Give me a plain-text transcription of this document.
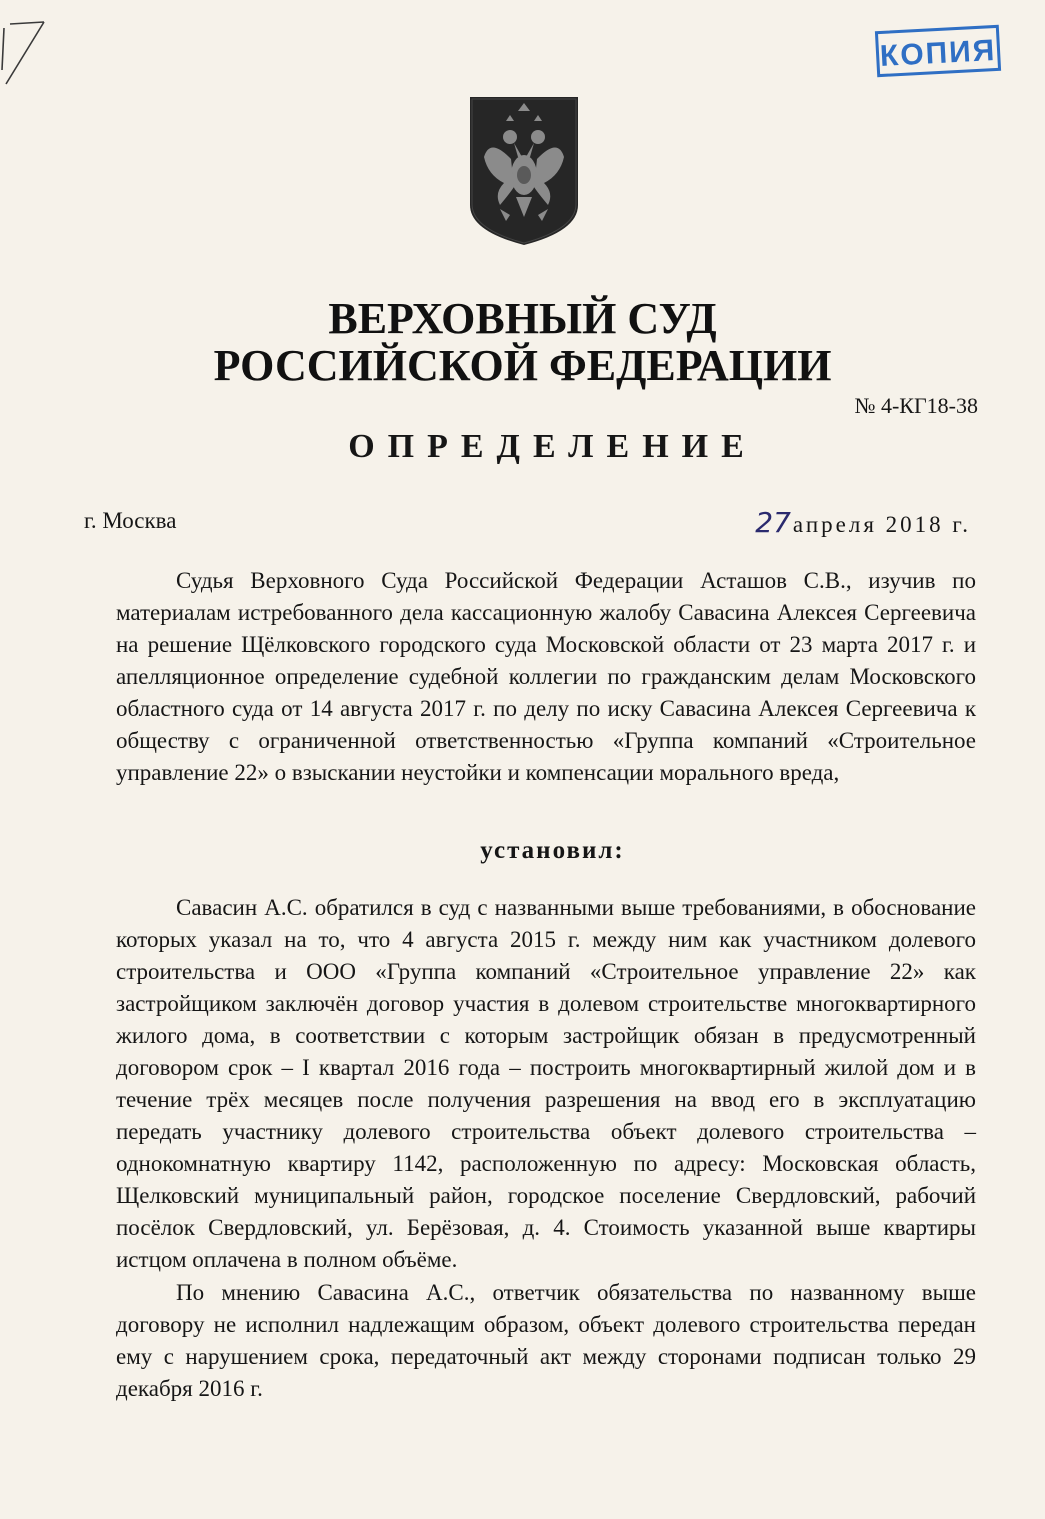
КОПИЯ
ВЕРХОВНЫЙ СУД
РОССИЙСКОЙ ФЕДЕРАЦИИ
№ 4-КГ18-38
ОПРЕДЕЛЕНИЕ
г. Москва	27апреля 2018 г.

Судья Верховного Суда Российской Федерации Асташов С.В., изучив по материалам истребованного дела кассационную жалобу Савасина Алексея Сергеевича на решение Щёлковского городского суда Московской области от 23 марта 2017 г. и апелляционное определение судебной коллегии по гражданским делам Московского областного суда от 14 августа 2017 г. по делу по иску Савасина Алексея Сергеевича к обществу с ограниченной ответственностью «Группа компаний «Строительное управление 22» о взыскании неустойки и компенсации морального вреда,

установил:

Савасин А.С. обратился в суд с названными выше требованиями, в обоснование которых указал на то, что 4 августа 2015 г. между ним как участником долевого строительства и ООО «Группа компаний «Строительное управление 22» как застройщиком заключён договор участия в долевом строительстве многоквартирного жилого дома, в соответствии с которым застройщик обязан в предусмотренный договором срок – I квартал 2016 года – построить многоквартирный жилой дом и в течение трёх месяцев после получения разрешения на ввод его в эксплуатацию передать участнику долевого строительства объект долевого строительства – однокомнатную квартиру 1142, расположенную по адресу: Московская область, Щелковский муниципальный район, городское поселение Свердловский, рабочий посёлок Свердловский, ул. Берёзовая, д. 4. Стоимость указанной выше квартиры истцом оплачена в полном объёме.

По мнению Савасина А.С., ответчик обязательства по названному выше договору не исполнил надлежащим образом, объект долевого строительства передан ему с нарушением срока, передаточный акт между сторонами подписан только 29 декабря 2016 г.
